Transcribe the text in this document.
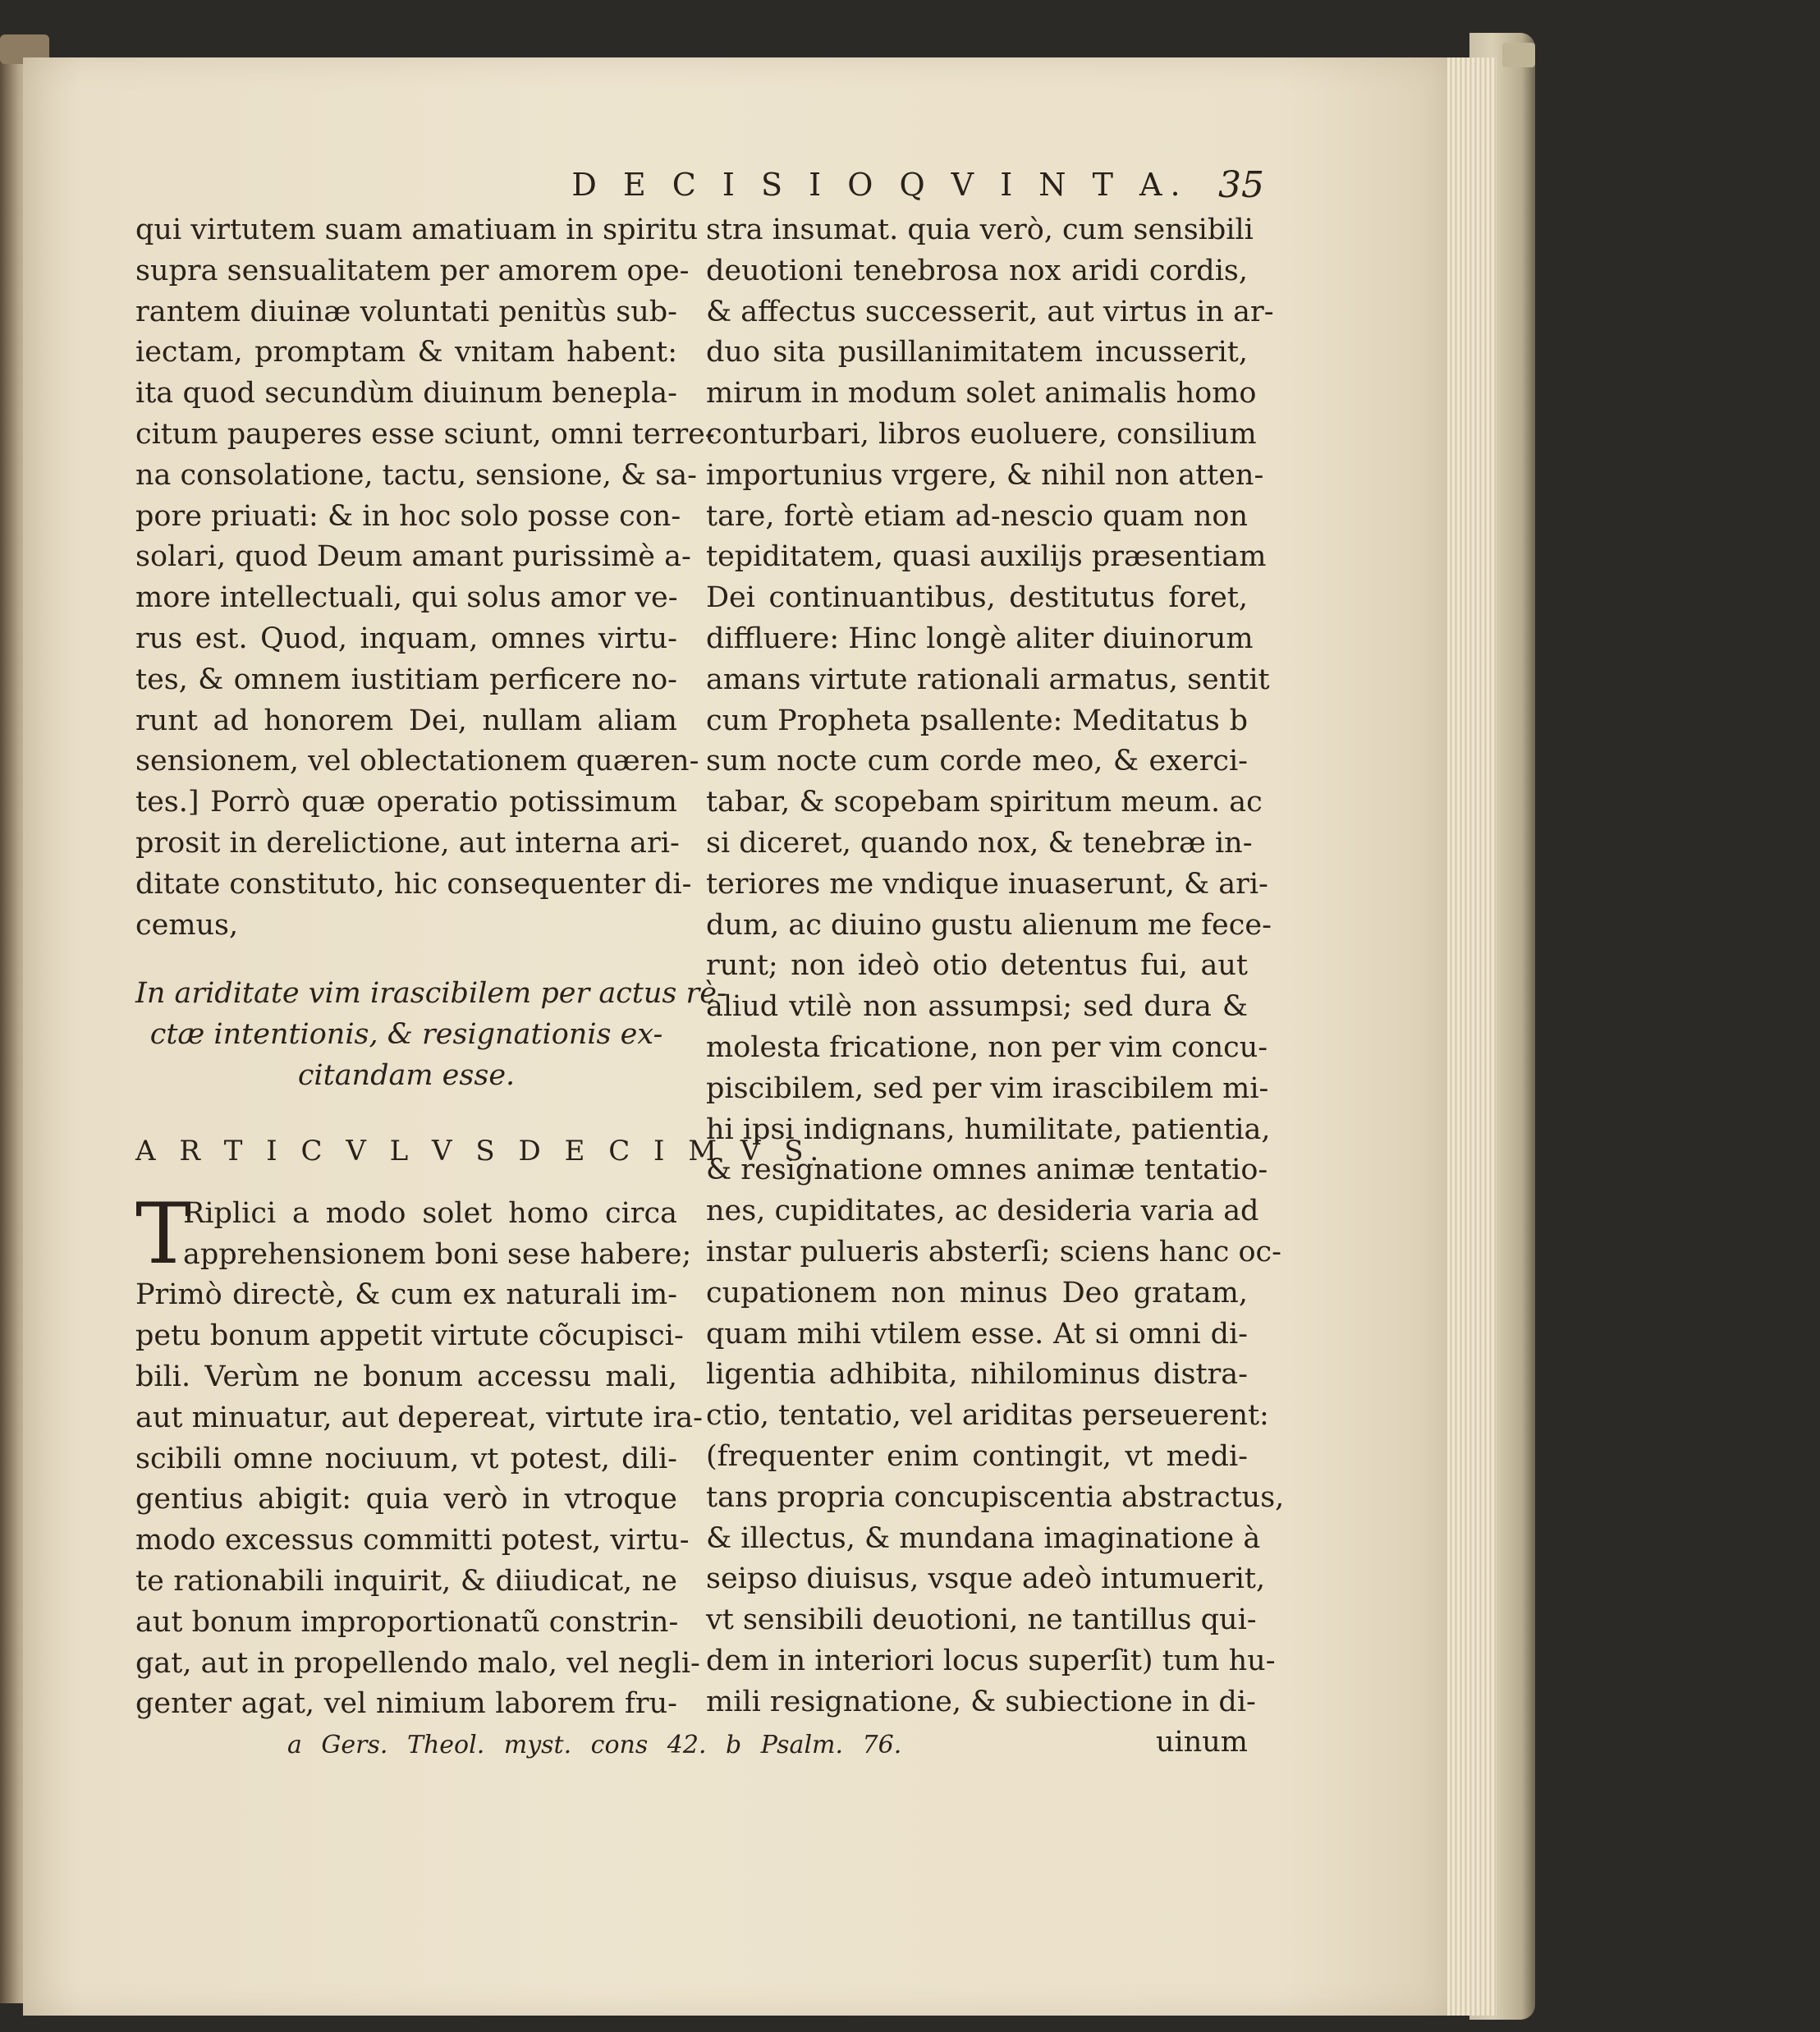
D E C I S I O Q V I N T A. 35
qui virtutem suam amatiuam in spiritu
supra sensualitatem per amorem ope-
rantem diuinæ voluntati penitùs sub-
iectam, promptam & vnitam habent:
ita quod secundùm diuinum benepla-
citum pauperes esse sciunt, omni terre-
na consolatione, tactu, sensione, & sa-
pore priuati: & in hoc solo posse con-
solari, quod Deum amant purissimè a-
more intellectuali, qui solus amor ve-
rus est. Quod, inquam, omnes virtu-
tes, & omnem iustitiam perficere no-
runt ad honorem Dei, nullam aliam
sensionem, vel oblectationem quæren-
tes.] Porrò quæ operatio potissimum
prosit in derelictione, aut interna ari-
ditate constituto, hic consequenter di-
cemus,
In ariditate vim irascibilem per actus rè-
ctæ intentionis, & resignationis ex-
citandam esse.
A R T I C V L V S D E C I M V S.
T
Riplici a modo solet homo circa
apprehensionem boni sese habere;
Primò directè, & cum ex naturali im-
petu bonum appetit virtute cõcupisci-
bili. Verùm ne bonum accessu mali,
aut minuatur, aut depereat, virtute ira-
scibili omne nociuum, vt potest, dili-
gentius abigit: quia verò in vtroque
modo excessus committi potest, virtu-
te rationabili inquirit, & diiudicat, ne
aut bonum improportionatũ constrin-
gat, aut in propellendo malo, vel negli-
genter agat, vel nimium laborem fru-
stra insumat. quia verò, cum sensibili
deuotioni tenebrosa nox aridi cordis,
& affectus successerit, aut virtus in ar-
duo sita pusillanimitatem incusserit,
mirum in modum solet animalis homo
conturbari, libros euoluere, consilium
importunius vrgere, & nihil non atten-
tare, fortè etiam ad-nescio quam non
tepiditatem, quasi auxilijs præsentiam
Dei continuantibus, destitutus foret,
diffluere: Hinc longè aliter diuinorum
amans virtute rationali armatus, sentit
cum Propheta psallente: Meditatus b
sum nocte cum corde meo, & exerci-
tabar, & scopebam spiritum meum. ac
si diceret, quando nox, & tenebræ in-
teriores me vndique inuaserunt, & ari-
dum, ac diuino gustu alienum me fece-
runt; non ideò otio detentus fui, aut
aliud vtilè non assumpsi; sed dura &
molesta fricatione, non per vim concu-
piscibilem, sed per vim irascibilem mi-
hi ipsi indignans, humilitate, patientia,
& resignatione omnes animæ tentatio-
nes, cupiditates, ac desideria varia ad
instar pulueris absterſi; sciens hanc oc-
cupationem non minus Deo gratam,
quam mihi vtilem esse. At si omni di-
ligentia adhibita, nihilominus distra-
ctio, tentatio, vel ariditas perseuerent:
(frequenter enim contingit, vt medi-
tans propria concupiscentia abstractus,
& illectus, & mundana imaginatione à
seipso diuisus, vsque adeò intumuerit,
vt sensibili deuotioni, ne tantillus qui-
dem in interiori locus superſit) tum hu-
mili resignatione, & subiectione in di-
uinum
a Gers. Theol. myst. cons 42. b Psalm. 76.
